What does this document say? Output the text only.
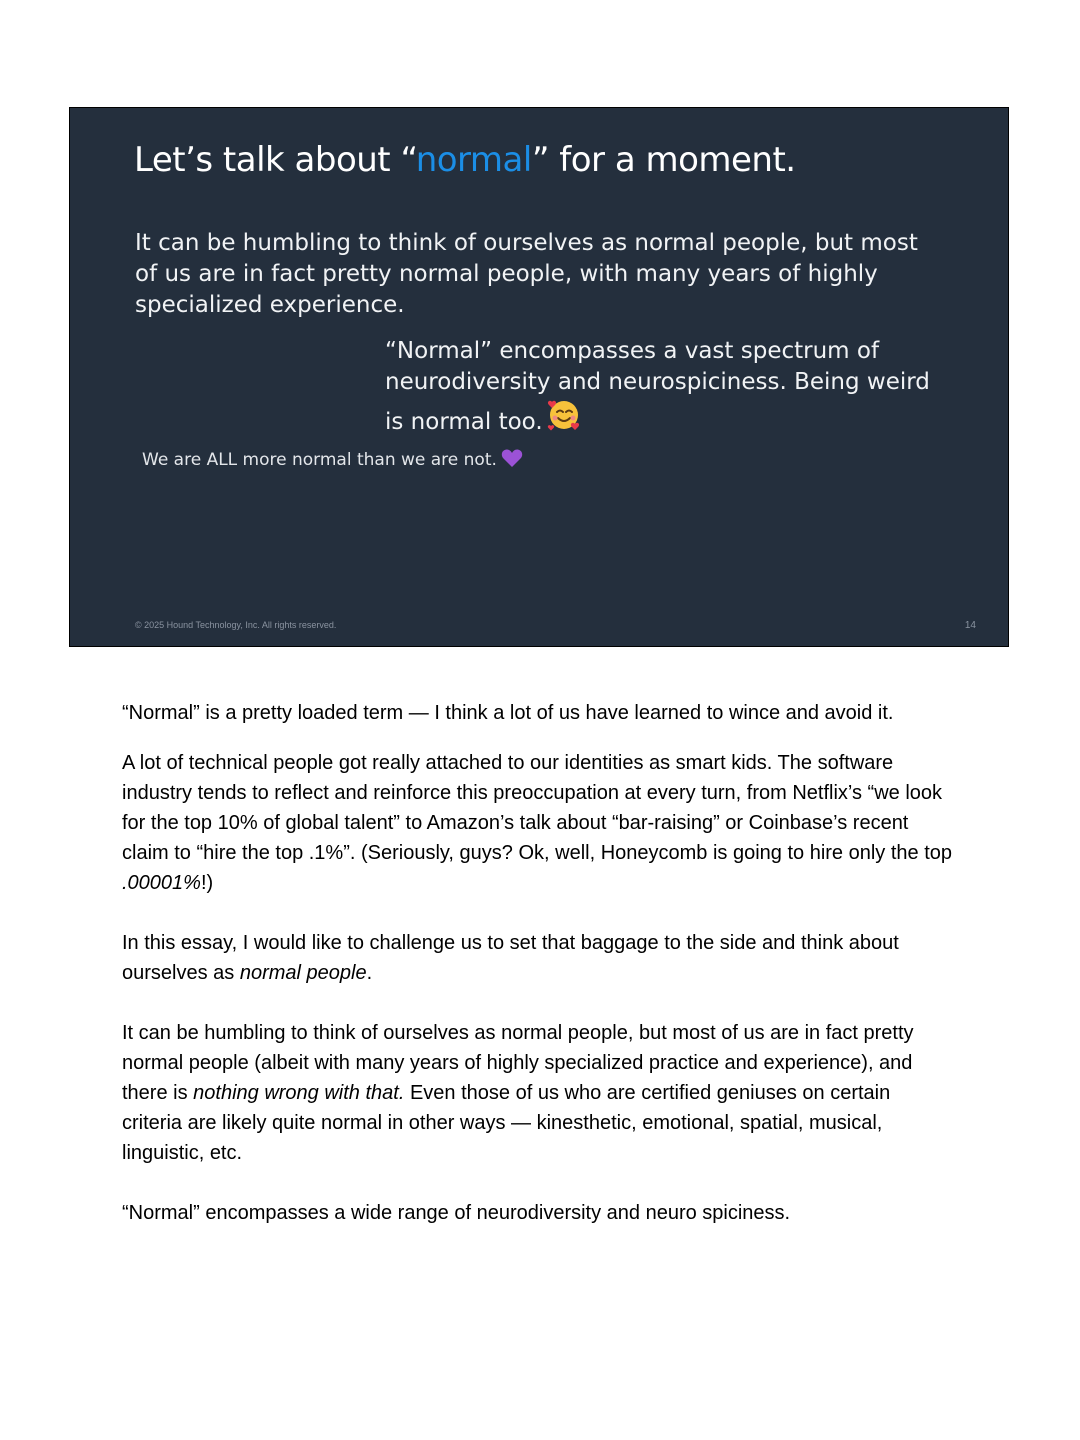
Let’s talk about “normal” for a moment.

It can be humbling to think of ourselves as normal people, but most of us are in fact pretty normal people, with many years of highly specialized experience.

“Normal” encompasses a vast spectrum of neurodiversity and neurospiciness. Being weird is normal too.

We are ALL more normal than we are not.

© 2025 Hound Technology, Inc. All rights reserved.	14

“Normal” is a pretty loaded term — I think a lot of us have learned to wince and avoid it.

A lot of technical people got really attached to our identities as smart kids. The software industry tends to reflect and reinforce this preoccupation at every turn, from Netflix’s “we look for the top 10% of global talent” to Amazon’s talk about “bar-raising” or Coinbase’s recent claim to “hire the top .1%”. (Seriously, guys? Ok, well, Honeycomb is going to hire only the top .00001%!)

In this essay, I would like to challenge us to set that baggage to the side and think about ourselves as normal people.

It can be humbling to think of ourselves as normal people, but most of us are in fact pretty normal people (albeit with many years of highly specialized practice and experience), and there is nothing wrong with that. Even those of us who are certified geniuses on certain criteria are likely quite normal in other ways — kinesthetic, emotional, spatial, musical, linguistic, etc.

“Normal” encompasses a wide range of neurodiversity and neuro spiciness.
